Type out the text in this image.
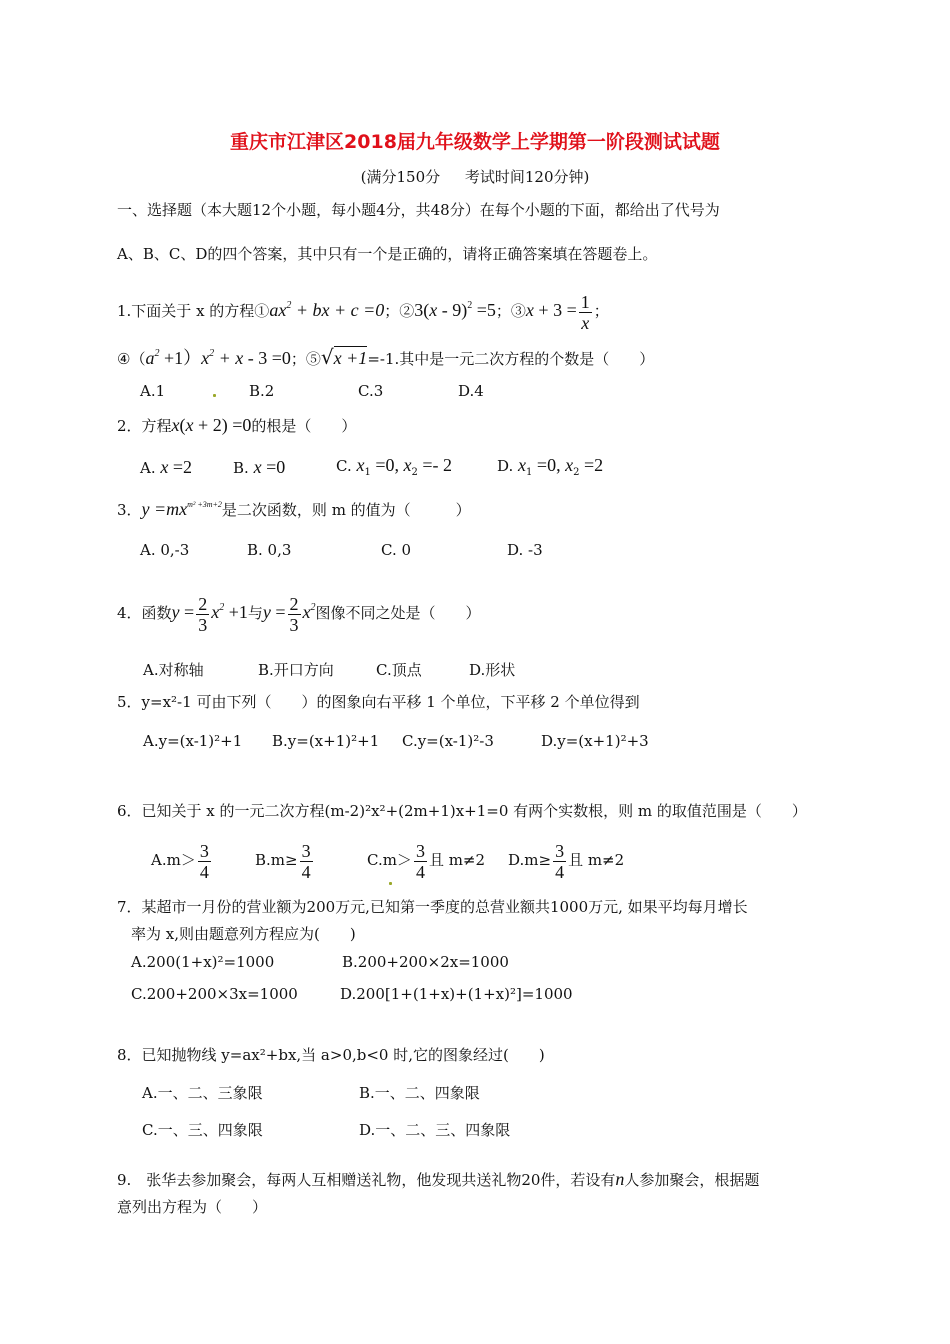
重庆市江津区2018届九年级数学上学期第一阶段测试试题
(满分150分 考试时间120分钟)
一、选择题（本大题12个小题，每小题4分，共48分）在每个小题的下面，都给出了代号为
A、B、C、D的四个答案，其中只有一个是正确的，请将正确答案填在答题卷上。
1.下面关于 x 的方程$①ax^2$ + bx + c =0；②3(x - 9)$^2$ =5；③x + $3 = \frac{1}{x}$ ；
$④(a^2 +1)x^2 + x - 3 =0$；⑤√x +1=-1.其中是一元二次方程的个数是（　　）
A.1	B.2	C.3	D.4
2．方程x(x + 2) =0的根是（　　）
A. x =2	B. x =0	C. $x_1 =0$, $x_2 =- 2$	D. $x_1 =0$, $x_2 =2$
3．$y =mx^{m^2 +3m+2}$是二次函数，则 m 的值为（　　　）
A. 0,-3	B. 0,3	C. 0	D. -3
4．函数$y = \frac{2}{3} x^2 +1$与$y = \frac{2}{3} x^2$图像不同之处是（　　）
A.对称轴	B.开口方向	C.顶点	D.形状
5．y=x²-1 可由下列（　　）的图象向右平移 1 个单位，下平移 2 个单位得到
A.y=(x-1)²+1 B.y=(x+1)²+1 C.y=(x-1)²-3	D.y=(x+1)²+3
6．已知关于 x 的一元二次方程(m-2)²x²+(2m+1)x+1=0 有两个实数根，则 m 的取值范围是（　　）
$A.m> \frac{3}{4}$	$B.m\ge \frac{3}{4}$	$C.m> \frac{3}{4}$ 且 m≠2 $D.m\ge \frac{3}{4}$ 且 m≠2
7．某超市一月份的营业额为200万元,已知第一季度的总营业额共1000万元, 如果平均每月增长
率为 x,则由题意列方程应为(　　)
A.200(1+x)²=1000	B.200+200×2x=1000
C.200+200×3x=1000	D.200[1+(1+x)+(1+x)²]=1000
8．已知抛物线 y=ax²+bx,当 a>0,b<0 时,它的图象经过(　　)
A.一、二、三象限	B.一、二、四象限
C.一、三、四象限	D.一、二、三、四象限
9.　张华去参加聚会，每两人互相赠送礼物，他发现共送礼物20件，若设有n人参加聚会，根据题
意列出方程为（　　）
